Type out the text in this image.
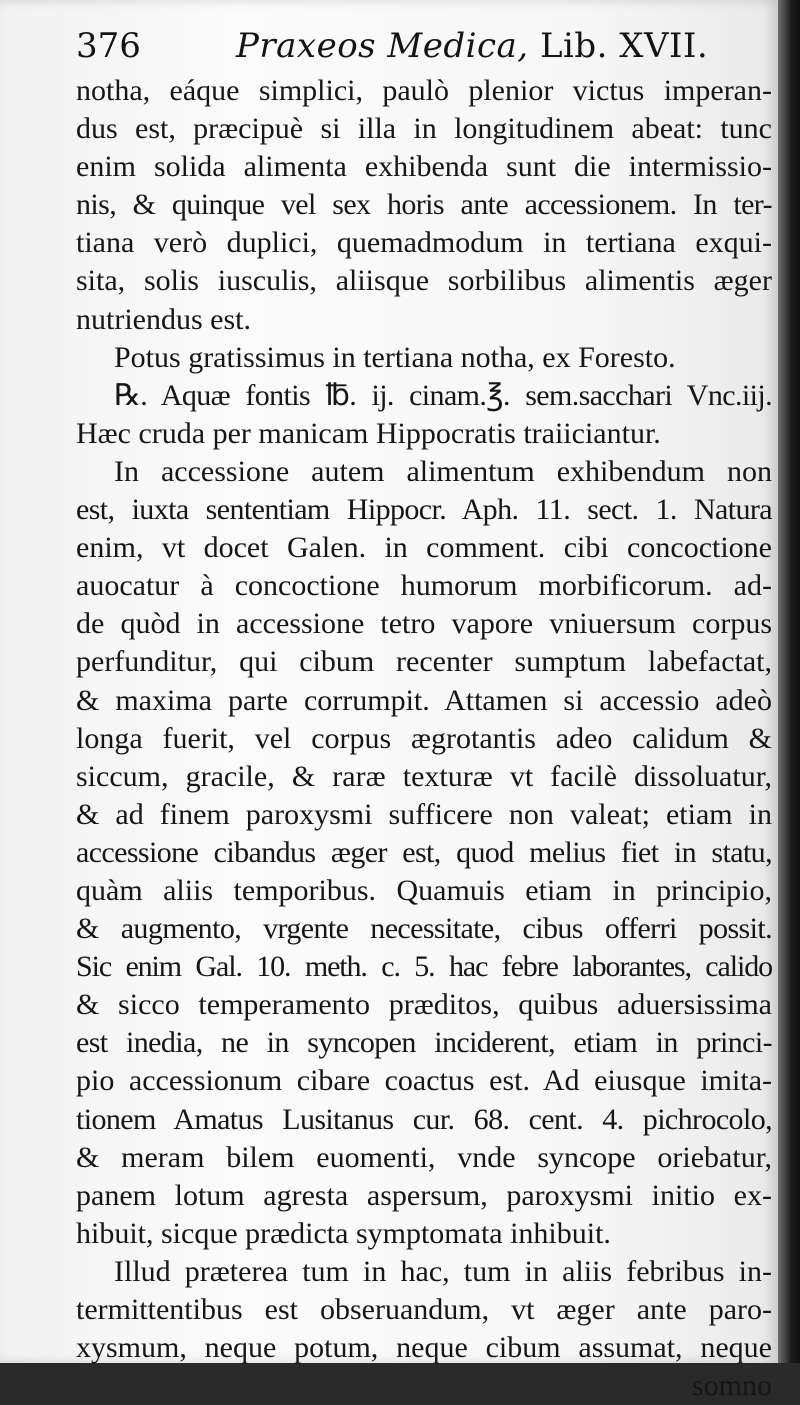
376	Praxeos Medica, Lib. XVII.
notha, eáque simplici, paulò plenior victus imperan-
dus est, præcipuè si illa in longitudinem abeat: tunc
enim solida alimenta exhibenda sunt die intermissio-
nis, & quinque vel sex horis ante accessionem. In ter-
tiana verò duplici, quemadmodum in tertiana exqui-
sita, solis iusculis, aliisque sorbilibus alimentis æger
nutriendus est.
Potus gratissimus in tertiana notha, ex Foresto.
℞. Aquæ fontis ℔. ij. cinam.℥. sem.sacchari Vnc.iij.
Hæc cruda per manicam Hippocratis traiiciantur.
In accessione autem alimentum exhibendum non
est, iuxta sententiam Hippocr. Aph. 11. sect. 1. Natura
enim, vt docet Galen. in comment. cibi concoctione
auocatur à concoctione humorum morbificorum. ad-
de quòd in accessione tetro vapore vniuersum corpus
perfunditur, qui cibum recenter sumptum labefactat,
& maxima parte corrumpit. Attamen si accessio adeò
longa fuerit, vel corpus ægrotantis adeo calidum &
siccum, gracile, & raræ texturæ vt facilè dissoluatur,
& ad finem paroxysmi sufficere non valeat; etiam in
accessione cibandus æger est, quod melius fiet in statu,
quàm aliis temporibus. Quamuis etiam in principio,
& augmento, vrgente necessitate, cibus offerri possit.
Sic enim Gal. 10. meth. c. 5. hac febre laborantes, calido
& sicco temperamento præditos, quibus aduersissima
est inedia, ne in syncopen inciderent, etiam in princi-
pio accessionum cibare coactus est. Ad eiusque imita-
tionem Amatus Lusitanus cur. 68. cent. 4. pichrocolo,
& meram bilem euomenti, vnde syncope oriebatur,
panem lotum agresta aspersum, paroxysmi initio ex-
hibuit, sicque prædicta symptomata inhibuit.
Illud præterea tum in hac, tum in aliis febribus in-
termittentibus est obseruandum, vt æger ante paro-
xysmum, neque potum, neque cibum assumat, neque
somno
